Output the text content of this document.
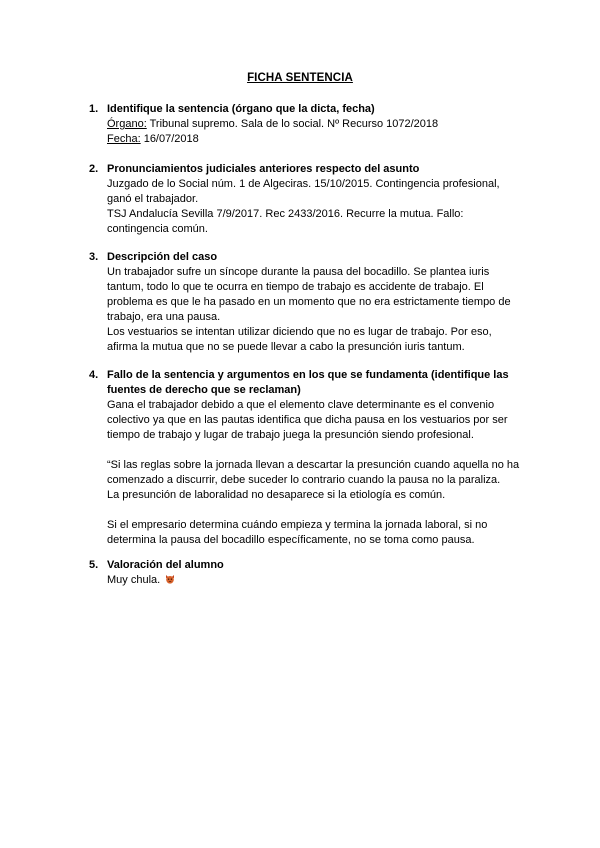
FICHA SENTENCIA
1. Identifique la sentencia (órgano que la dicta, fecha)
Órgano: Tribunal supremo. Sala de lo social. Nº Recurso 1072/2018
Fecha: 16/07/2018
2. Pronunciamientos judiciales anteriores respecto del asunto
Juzgado de lo Social núm. 1 de Algeciras. 15/10/2015. Contingencia profesional,
ganó el trabajador.
TSJ Andalucía Sevilla 7/9/2017. Rec 2433/2016. Recurre la mutua. Fallo:
contingencia común.
3. Descripción del caso
Un trabajador sufre un síncope durante la pausa del bocadillo. Se plantea iuris
tantum, todo lo que te ocurra en tiempo de trabajo es accidente de trabajo. El
problema es que le ha pasado en un momento que no era estrictamente tiempo de
trabajo, era una pausa.
Los vestuarios se intentan utilizar diciendo que no es lugar de trabajo. Por eso,
afirma la mutua que no se puede llevar a cabo la presunción iuris tantum.
4. Fallo de la sentencia y argumentos en los que se fundamenta (identifique las
fuentes de derecho que se reclaman)
Gana el trabajador debido a que el elemento clave determinante es el convenio
colectivo ya que en las pautas identifica que dicha pausa en los vestuarios por ser
tiempo de trabajo y lugar de trabajo juega la presunción siendo profesional.
“Si las reglas sobre la jornada llevan a descartar la presunción cuando aquella no ha
comenzado a discurrir, debe suceder lo contrario cuando la pausa no la paraliza.
La presunción de laboralidad no desaparece si la etiología es común.
Si el empresario determina cuándo empieza y termina la jornada laboral, si no
determina la pausa del bocadillo específicamente, no se toma como pausa.
5. Valoración del alumno
Muy chula.
